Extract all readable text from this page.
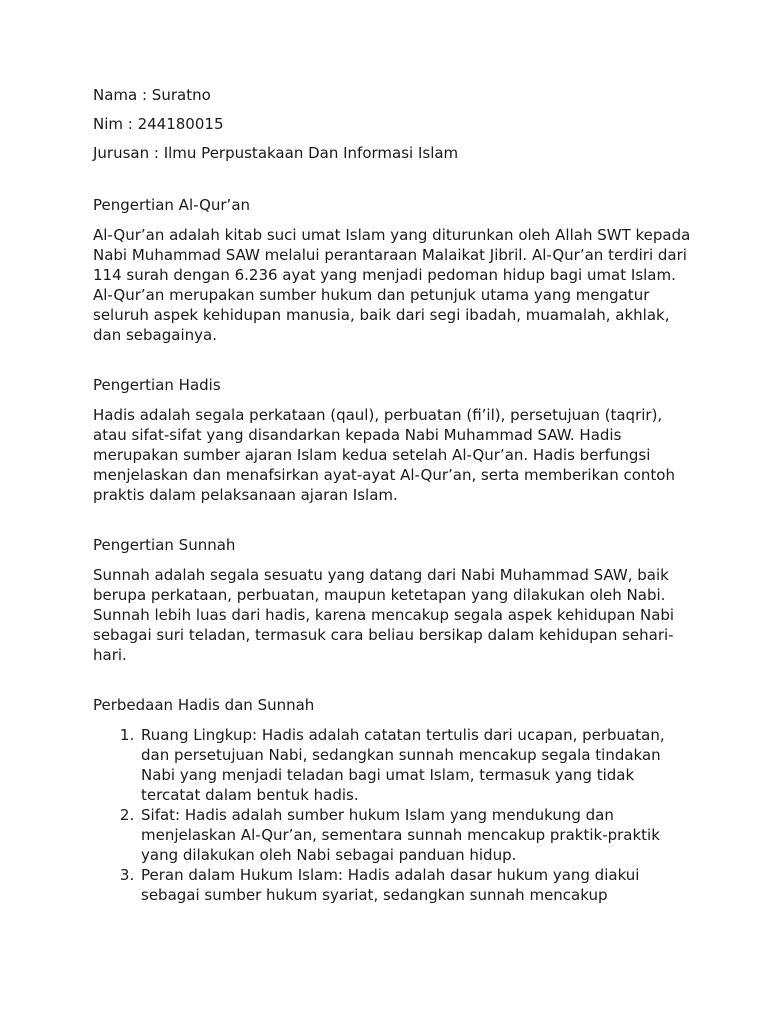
Nama : Suratno

Nim : 244180015

Jurusan : Ilmu Perpustakaan Dan Informasi Islam

Pengertian Al-Qur’an

Al-Qur’an adalah kitab suci umat Islam yang diturunkan oleh Allah SWT kepada Nabi Muhammad SAW melalui perantaraan Malaikat Jibril. Al-Qur’an terdiri dari 114 surah dengan 6.236 ayat yang menjadi pedoman hidup bagi umat Islam. Al-Qur’an merupakan sumber hukum dan petunjuk utama yang mengatur seluruh aspek kehidupan manusia, baik dari segi ibadah, muamalah, akhlak, dan sebagainya.

Pengertian Hadis

Hadis adalah segala perkataan (qaul), perbuatan (fi’il), persetujuan (taqrir), atau sifat-sifat yang disandarkan kepada Nabi Muhammad SAW. Hadis merupakan sumber ajaran Islam kedua setelah Al-Qur’an. Hadis berfungsi menjelaskan dan menafsirkan ayat-ayat Al-Qur’an, serta memberikan contoh praktis dalam pelaksanaan ajaran Islam.

Pengertian Sunnah

Sunnah adalah segala sesuatu yang datang dari Nabi Muhammad SAW, baik berupa perkataan, perbuatan, maupun ketetapan yang dilakukan oleh Nabi. Sunnah lebih luas dari hadis, karena mencakup segala aspek kehidupan Nabi sebagai suri teladan, termasuk cara beliau bersikap dalam kehidupan sehari-hari.

Perbedaan Hadis dan Sunnah

1. Ruang Lingkup: Hadis adalah catatan tertulis dari ucapan, perbuatan, dan persetujuan Nabi, sedangkan sunnah mencakup segala tindakan Nabi yang menjadi teladan bagi umat Islam, termasuk yang tidak tercatat dalam bentuk hadis.
2. Sifat: Hadis adalah sumber hukum Islam yang mendukung dan menjelaskan Al-Qur’an, sementara sunnah mencakup praktik-praktik yang dilakukan oleh Nabi sebagai panduan hidup.
3. Peran dalam Hukum Islam: Hadis adalah dasar hukum yang diakui sebagai sumber hukum syariat, sedangkan sunnah mencakup
